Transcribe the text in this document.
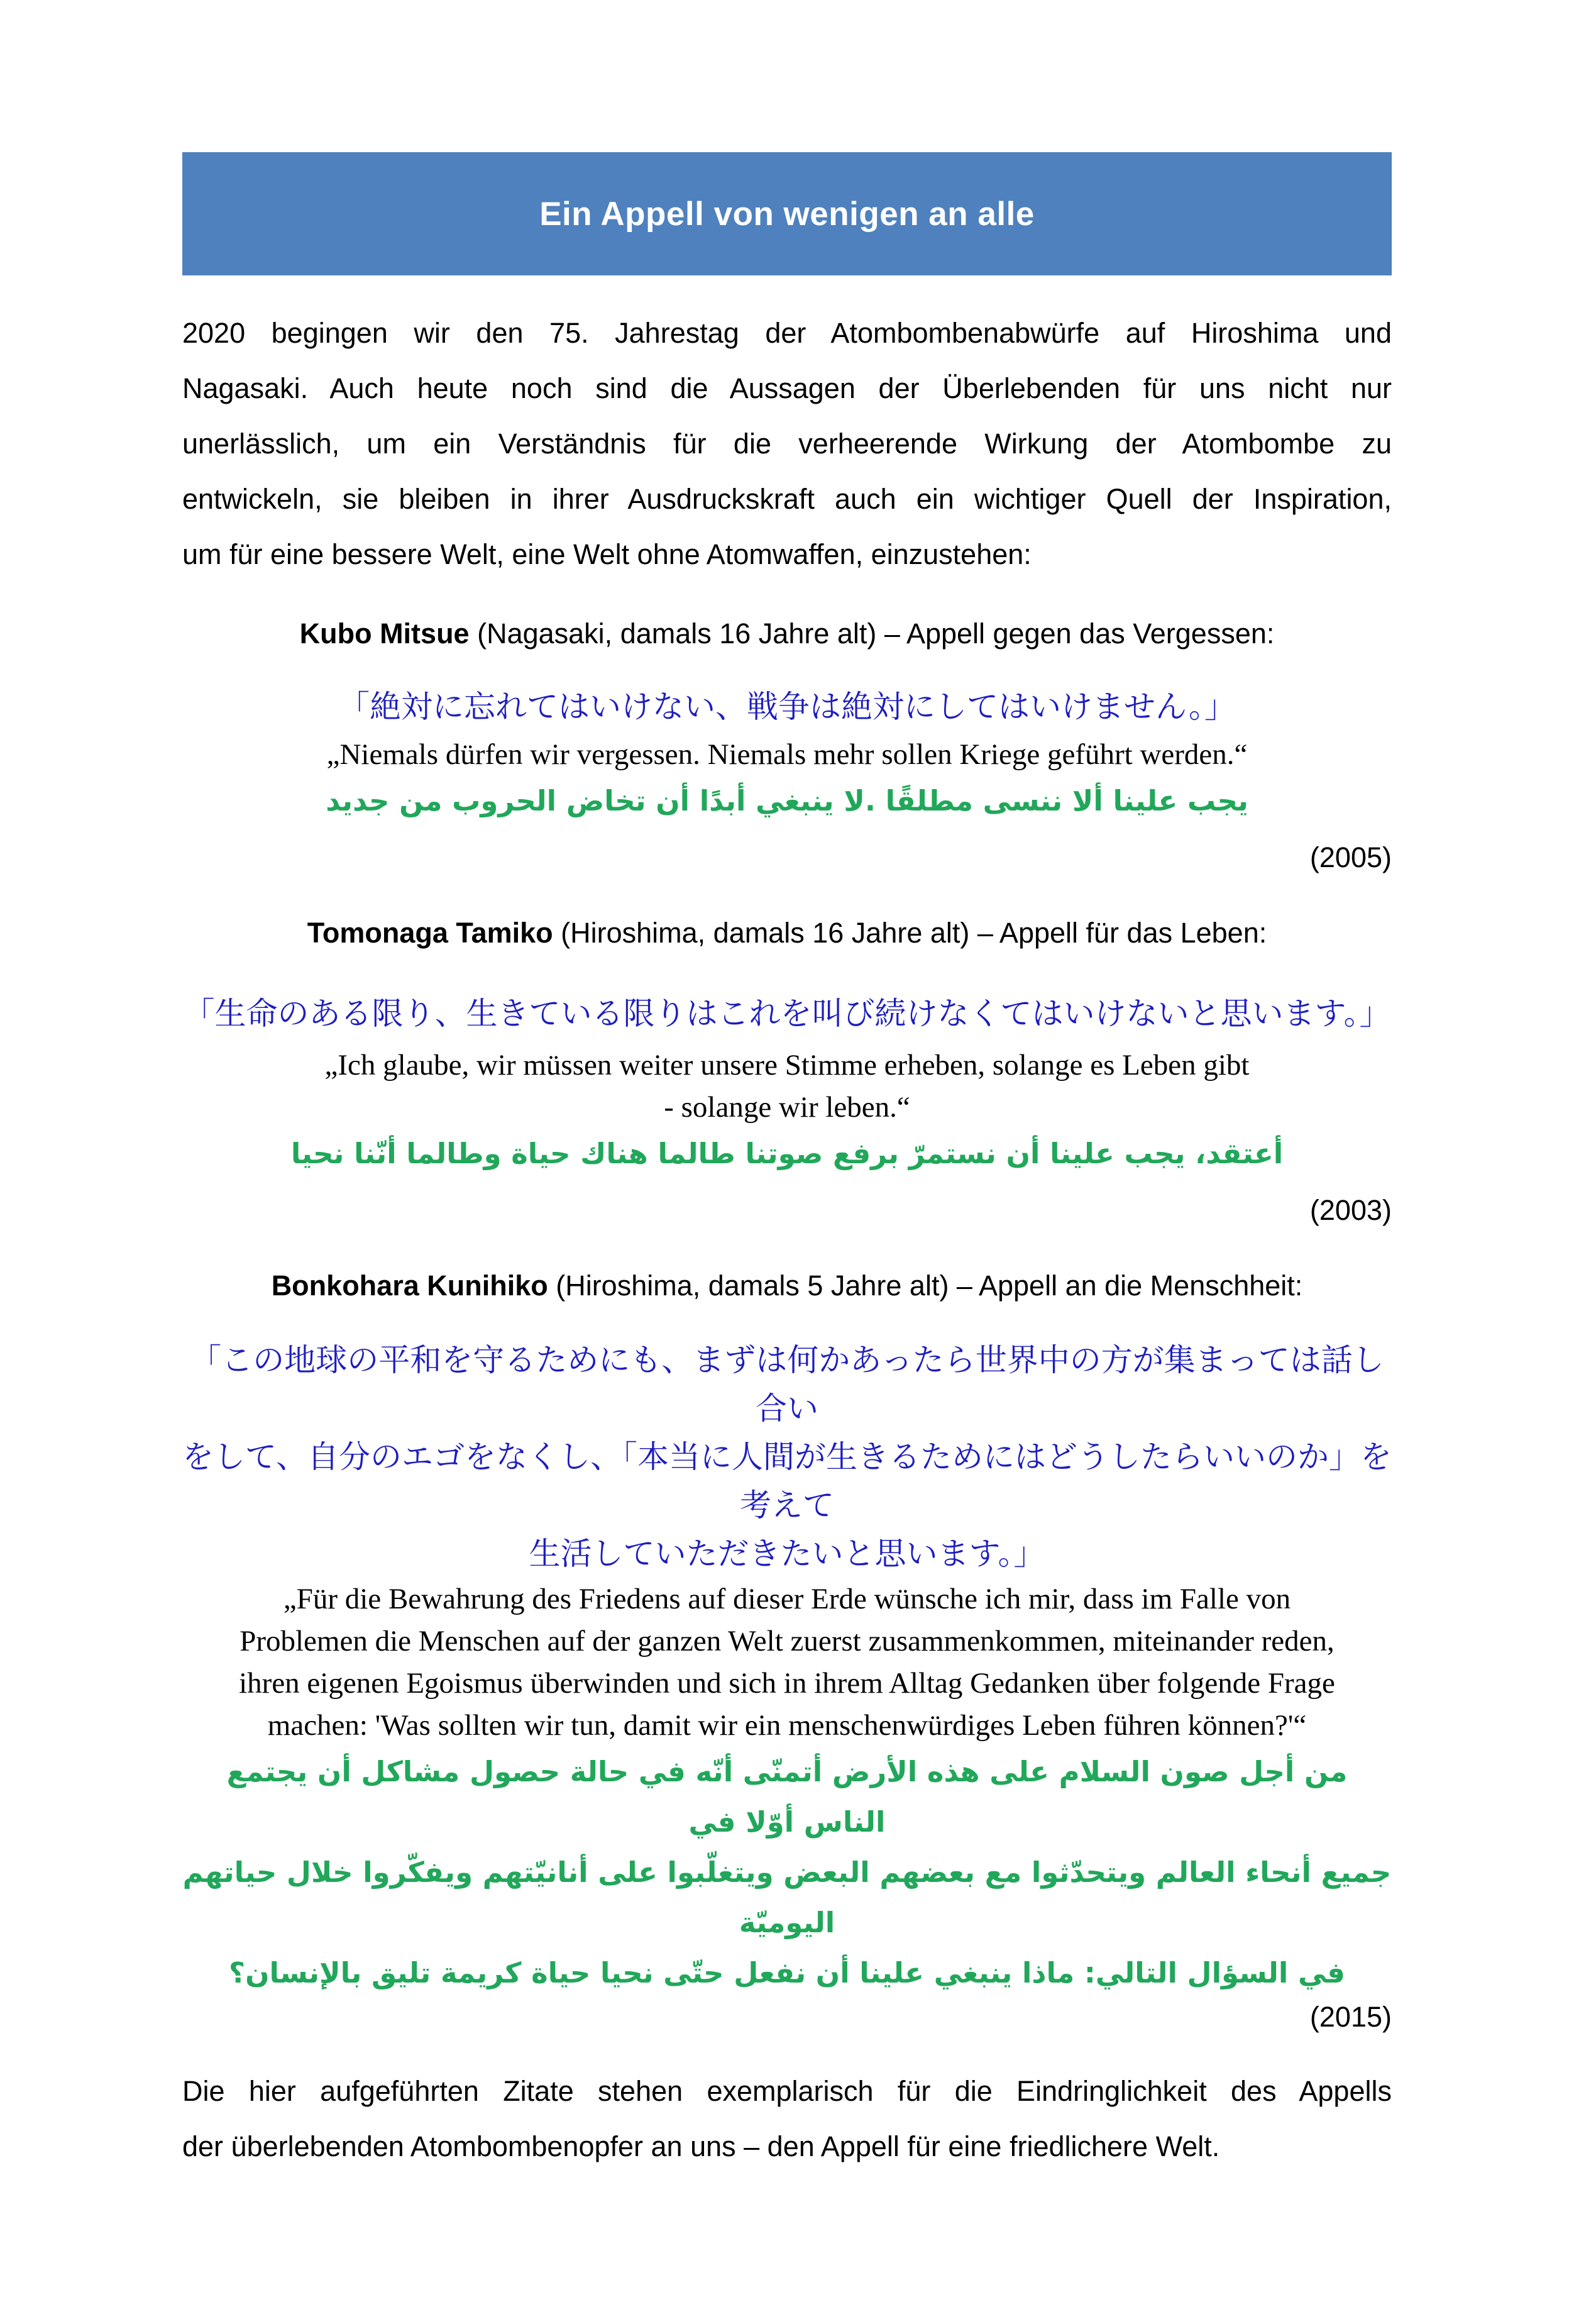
Ein Appell von wenigen an alle
2020 begingen wir den 75. Jahrestag der Atombombenabwürfe auf Hiroshima und
Nagasaki. Auch heute noch sind die Aussagen der Überlebenden für uns nicht nur
unerlässlich, um ein Verständnis für die verheerende Wirkung der Atombombe zu
entwickeln, sie bleiben in ihrer Ausdruckskraft auch ein wichtiger Quell der Inspiration,
um für eine bessere Welt, eine Welt ohne Atomwaffen, einzustehen:
Kubo Mitsue (Nagasaki, damals 16 Jahre alt) – Appell gegen das Vergessen:
「絶対に忘れてはいけない、戦争は絶対にしてはいけません。」
„Niemals dürfen wir vergessen. Niemals mehr sollen Kriege geführt werden.“
يجب علينا ألا ننسى مطلقًا .لا ينبغي أبدًا أن تخاض الحروب من جديد
(2005)
Tomonaga Tamiko (Hiroshima, damals 16 Jahre alt) – Appell für das Leben:
「生命のある限り、生きている限りはこれを叫び続けなくてはいけないと思います。」
„Ich glaube, wir müssen weiter unsere Stimme erheben, solange es Leben gibt
- solange wir leben.“
أعتقد، يجب علينا أن نستمرّ برفع صوتنا طالما هناك حياة وطالما أنّنا نحيا
(2003)
Bonkohara Kunihiko (Hiroshima, damals 5 Jahre alt) – Appell an die Menschheit:
「この地球の平和を守るためにも、まずは何かあったら世界中の方が集まっては話し合い
をして、自分のエゴをなくし、「本当に人間が生きるためにはどうしたらいいのか」を考えて
生活していただきたいと思います。」
„Für die Bewahrung des Friedens auf dieser Erde wünsche ich mir, dass im Falle von
Problemen die Menschen auf der ganzen Welt zuerst zusammenkommen, miteinander reden,
ihren eigenen Egoismus überwinden und sich in ihrem Alltag Gedanken über folgende Frage
machen: 'Was sollten wir tun, damit wir ein menschenwürdiges Leben führen können?'“
من أجل صون السلام على هذه الأرض أتمنّى أنّه في حالة حصول مشاكل أن يجتمع الناس أوّلا في
جميع أنحاء العالم ويتحدّثوا مع بعضهم البعض ويتغلّبوا على أنانيّتهم ويفكّروا خلال حياتهم اليوميّة
في السؤال التالي: ماذا ينبغي علينا أن نفعل حتّى نحيا حياة كريمة تليق بالإنسان؟
(2015)
Die hier aufgeführten Zitate stehen exemplarisch für die Eindringlichkeit des Appells
der überlebenden Atombombenopfer an uns – den Appell für eine friedlichere Welt.
